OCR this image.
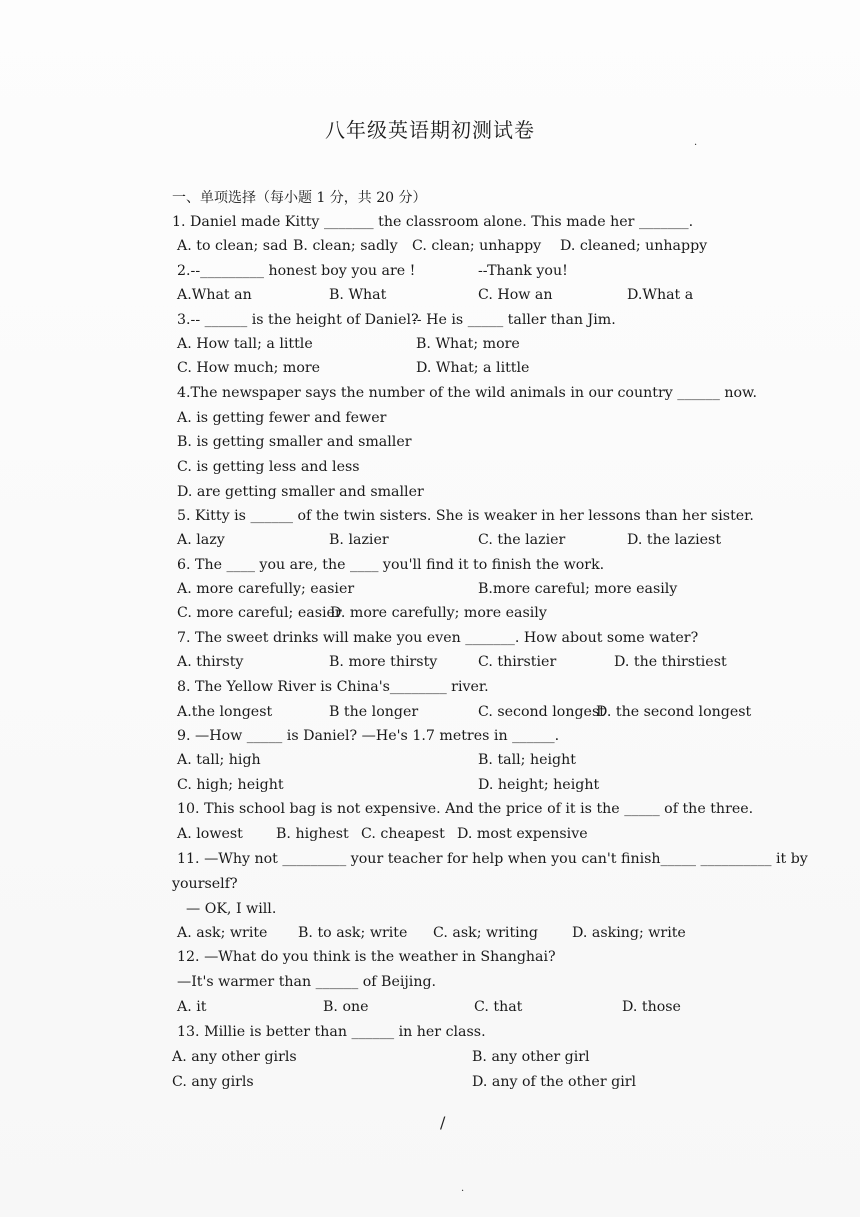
八年级英语期初测试卷
·
一、单项选择（每小题 1 分，共 20 分）
1. Daniel made Kitty _______ the classroom alone. This made her _______.
A. to clean; sad B. clean; sadly C. clean; unhappy D. cleaned; unhappy
2.--_________ honest boy you are !	--Thank you!
A.What an	B. What	C. How an	D.What a
3.-- ______ is the height of Daniel?
-- He is _____ taller than Jim.
A. How tall; a little	B. What; more
C. How much; more	D. What; a little
4.The newspaper says the number of the wild animals in our country ______ now.
A. is getting fewer and fewer
B. is getting smaller and smaller
C. is getting less and less
D. are getting smaller and smaller
5. Kitty is ______ of the twin sisters. She is weaker in her lessons than her sister.
A. lazy	B. lazier	C. the lazier	D. the laziest
6. The ____ you are, the ____ you'll find it to finish the work.
A. more carefully; easier	B.more careful; more easily
C. more careful; easier
D. more carefully; more easily
7. The sweet drinks will make you even _______. How about some water?
A. thirsty	B. more thirsty	C. thirstier	D. the thirstiest
8. The Yellow River is China's________ river.
A.the longest	B the longer	C. second longest
D. the second longest
9. —How _____ is Daniel? —He's 1.7 metres in ______.
A. tall; high	B. tall; height
C. high; height	D. height; height
10. This school bag is not expensive. And the price of it is the _____ of the three.
A. lowest B. highest C. cheapest D. most expensive
11. —Why not _________ your teacher for help when you can't finish_____ __________ it by
yourself?
— OK, I will.
A. ask; write B. to ask; write C. ask; writing D. asking; write
12. —What do you think is the weather in Shanghai?
—It's warmer than ______ of Beijing.
A. it	B. one	C. that	D. those
13. Millie is better than ______ in her class.
A. any other girls	B. any other girl
C. any girls	D. any of the other girl
/
·
